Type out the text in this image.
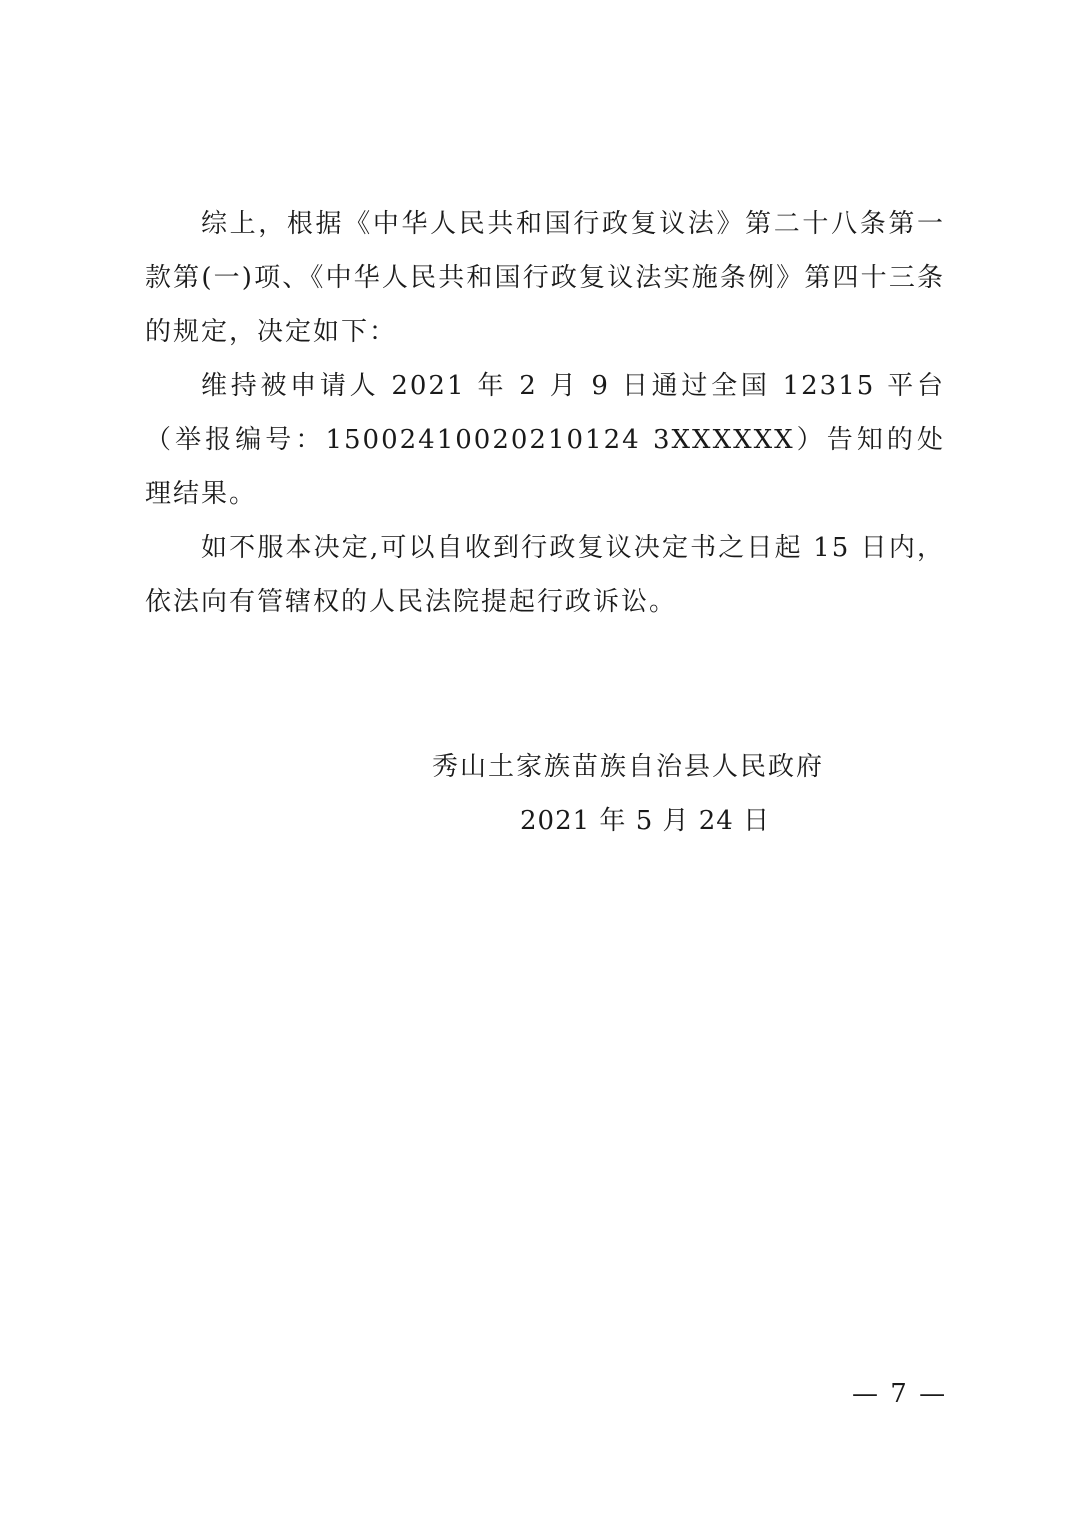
综上，根据《中华人民共和国行政复议法》第二十八条第一款第(一)项、《中华人民共和国行政复议法实施条例》第四十三条的规定，决定如下：

维持被申请人 2021 年 2 月 9 日通过全国 12315 平台（举报编号：15002410020210124 3XXXXXX）告知的处理结果。

如不服本决定,可以自收到行政复议决定书之日起 15 日内，依法向有管辖权的人民法院提起行政诉讼。

秀山土家族苗族自治县人民政府
2021 年 5 月 24 日
— 7 —
